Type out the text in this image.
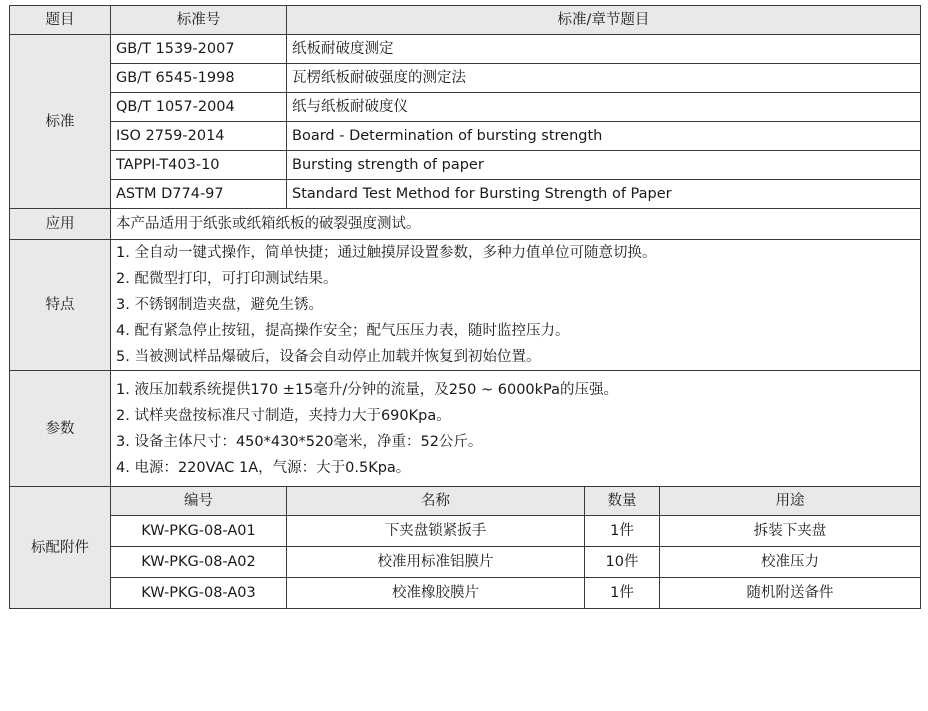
题目	标准号	标准/章节题目		
标准	GB/T 1539-2007	纸板耐破度测定		
	GB/T 6545-1998	瓦楞纸板耐破强度的测定法		
	QB/T 1057-2004	纸与纸板耐破度仪		
	ISO 2759-2014	Board - Determination of bursting strength		
	TAPPI-T403-10	Bursting strength of paper		
	ASTM D774-97	Standard Test Method for Bursting Strength of Paper		
应用	本产品适用于纸张或纸箱纸板的破裂强度测试。			
特点	1. 全自动一键式操作，简单快捷；通过触摸屏设置参数，多种力值单位可随意切换。
2. 配微型打印，可打印测试结果。
3. 不锈钢制造夹盘，避免生锈。
4. 配有紧急停止按钮，提高操作安全；配气压压力表，随时监控压力。
5. 当被测试样品爆破后，设备会自动停止加载并恢复到初始位置。			

参数	1. 液压加载系统提供170 ±15毫升/分钟的流量，及250 ~ 6000kPa的压强。
2. 试样夹盘按标准尺寸制造，夹持力大于690Kpa。
3. 设备主体尺寸：450*430*520毫米，净重：52公斤。
4. 电源：220VAC 1A，气源：大于0.5Kpa。			

标配附件	编号	名称	数量	用途
	KW-PKG-08-A01	下夹盘锁紧扳手	1件	拆装下夹盘
	KW-PKG-08-A02	校准用标准铝膜片	10件	校准压力
	KW-PKG-08-A03	校准橡胶膜片	1件	随机附送备件
